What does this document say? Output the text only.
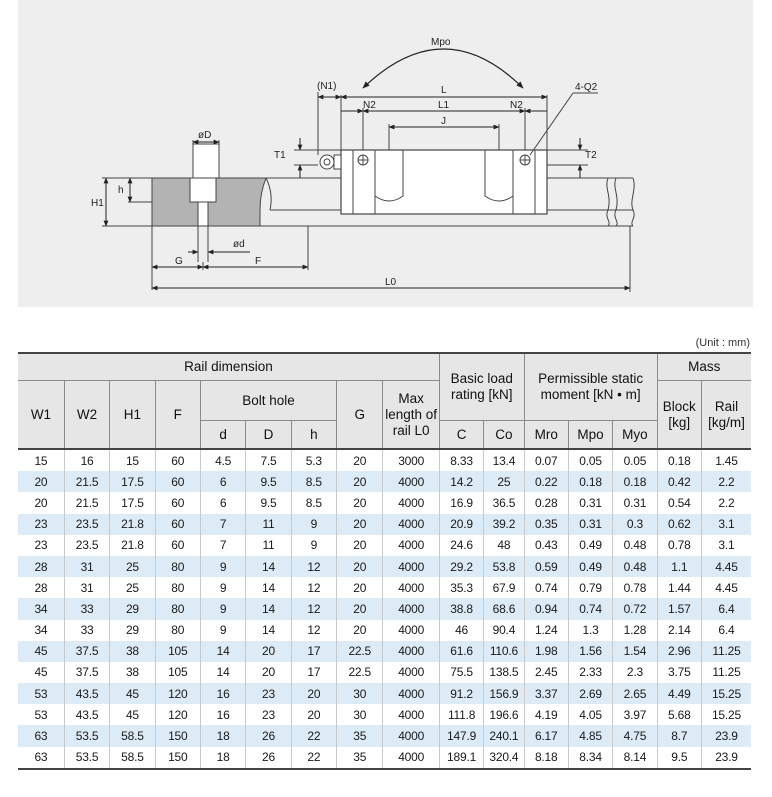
Mpo
L
(N1)
N2	L1	N2
J
4-Q2
T1	T2
øD
H1
h
ød
G	F
L0
(Unit : mm)
Rail dimension									Basic load rating [kN]		Permissible static moment [kN • m]			Mass	
W1	W2	H1	F	Bolt hole			G	Max length of rail L0						Block [kg]	Rail [kg/m]
				d	D	h			C	Co	Mro	Mpo	Myo		
15	16	15	60	4.5	7.5	5.3	20	3000	8.33	13.4	0.07	0.05	0.05	0.18	1.45
20	21.5	17.5	60	6	9.5	8.5	20	4000	14.2	25	0.22	0.18	0.18	0.42	2.2
20	21.5	17.5	60	6	9.5	8.5	20	4000	16.9	36.5	0.28	0.31	0.31	0.54	2.2
23	23.5	21.8	60	7	11	9	20	4000	20.9	39.2	0.35	0.31	0.3	0.62	3.1
23	23.5	21.8	60	7	11	9	20	4000	24.6	48	0.43	0.49	0.48	0.78	3.1
28	31	25	80	9	14	12	20	4000	29.2	53.8	0.59	0.49	0.48	1.1	4.45
28	31	25	80	9	14	12	20	4000	35.3	67.9	0.74	0.79	0.78	1.44	4.45
34	33	29	80	9	14	12	20	4000	38.8	68.6	0.94	0.74	0.72	1.57	6.4
34	33	29	80	9	14	12	20	4000	46	90.4	1.24	1.3	1.28	2.14	6.4
45	37.5	38	105	14	20	17	22.5	4000	61.6	110.6	1.98	1.56	1.54	2.96	11.25
45	37.5	38	105	14	20	17	22.5	4000	75.5	138.5	2.45	2.33	2.3	3.75	11.25
53	43.5	45	120	16	23	20	30	4000	91.2	156.9	3.37	2.69	2.65	4.49	15.25
53	43.5	45	120	16	23	20	30	4000	111.8	196.6	4.19	4.05	3.97	5.68	15.25
63	53.5	58.5	150	18	26	22	35	4000	147.9	240.1	6.17	4.85	4.75	8.7	23.9
63	53.5	58.5	150	18	26	22	35	4000	189.1	320.4	8.18	8.34	8.14	9.5	23.9
